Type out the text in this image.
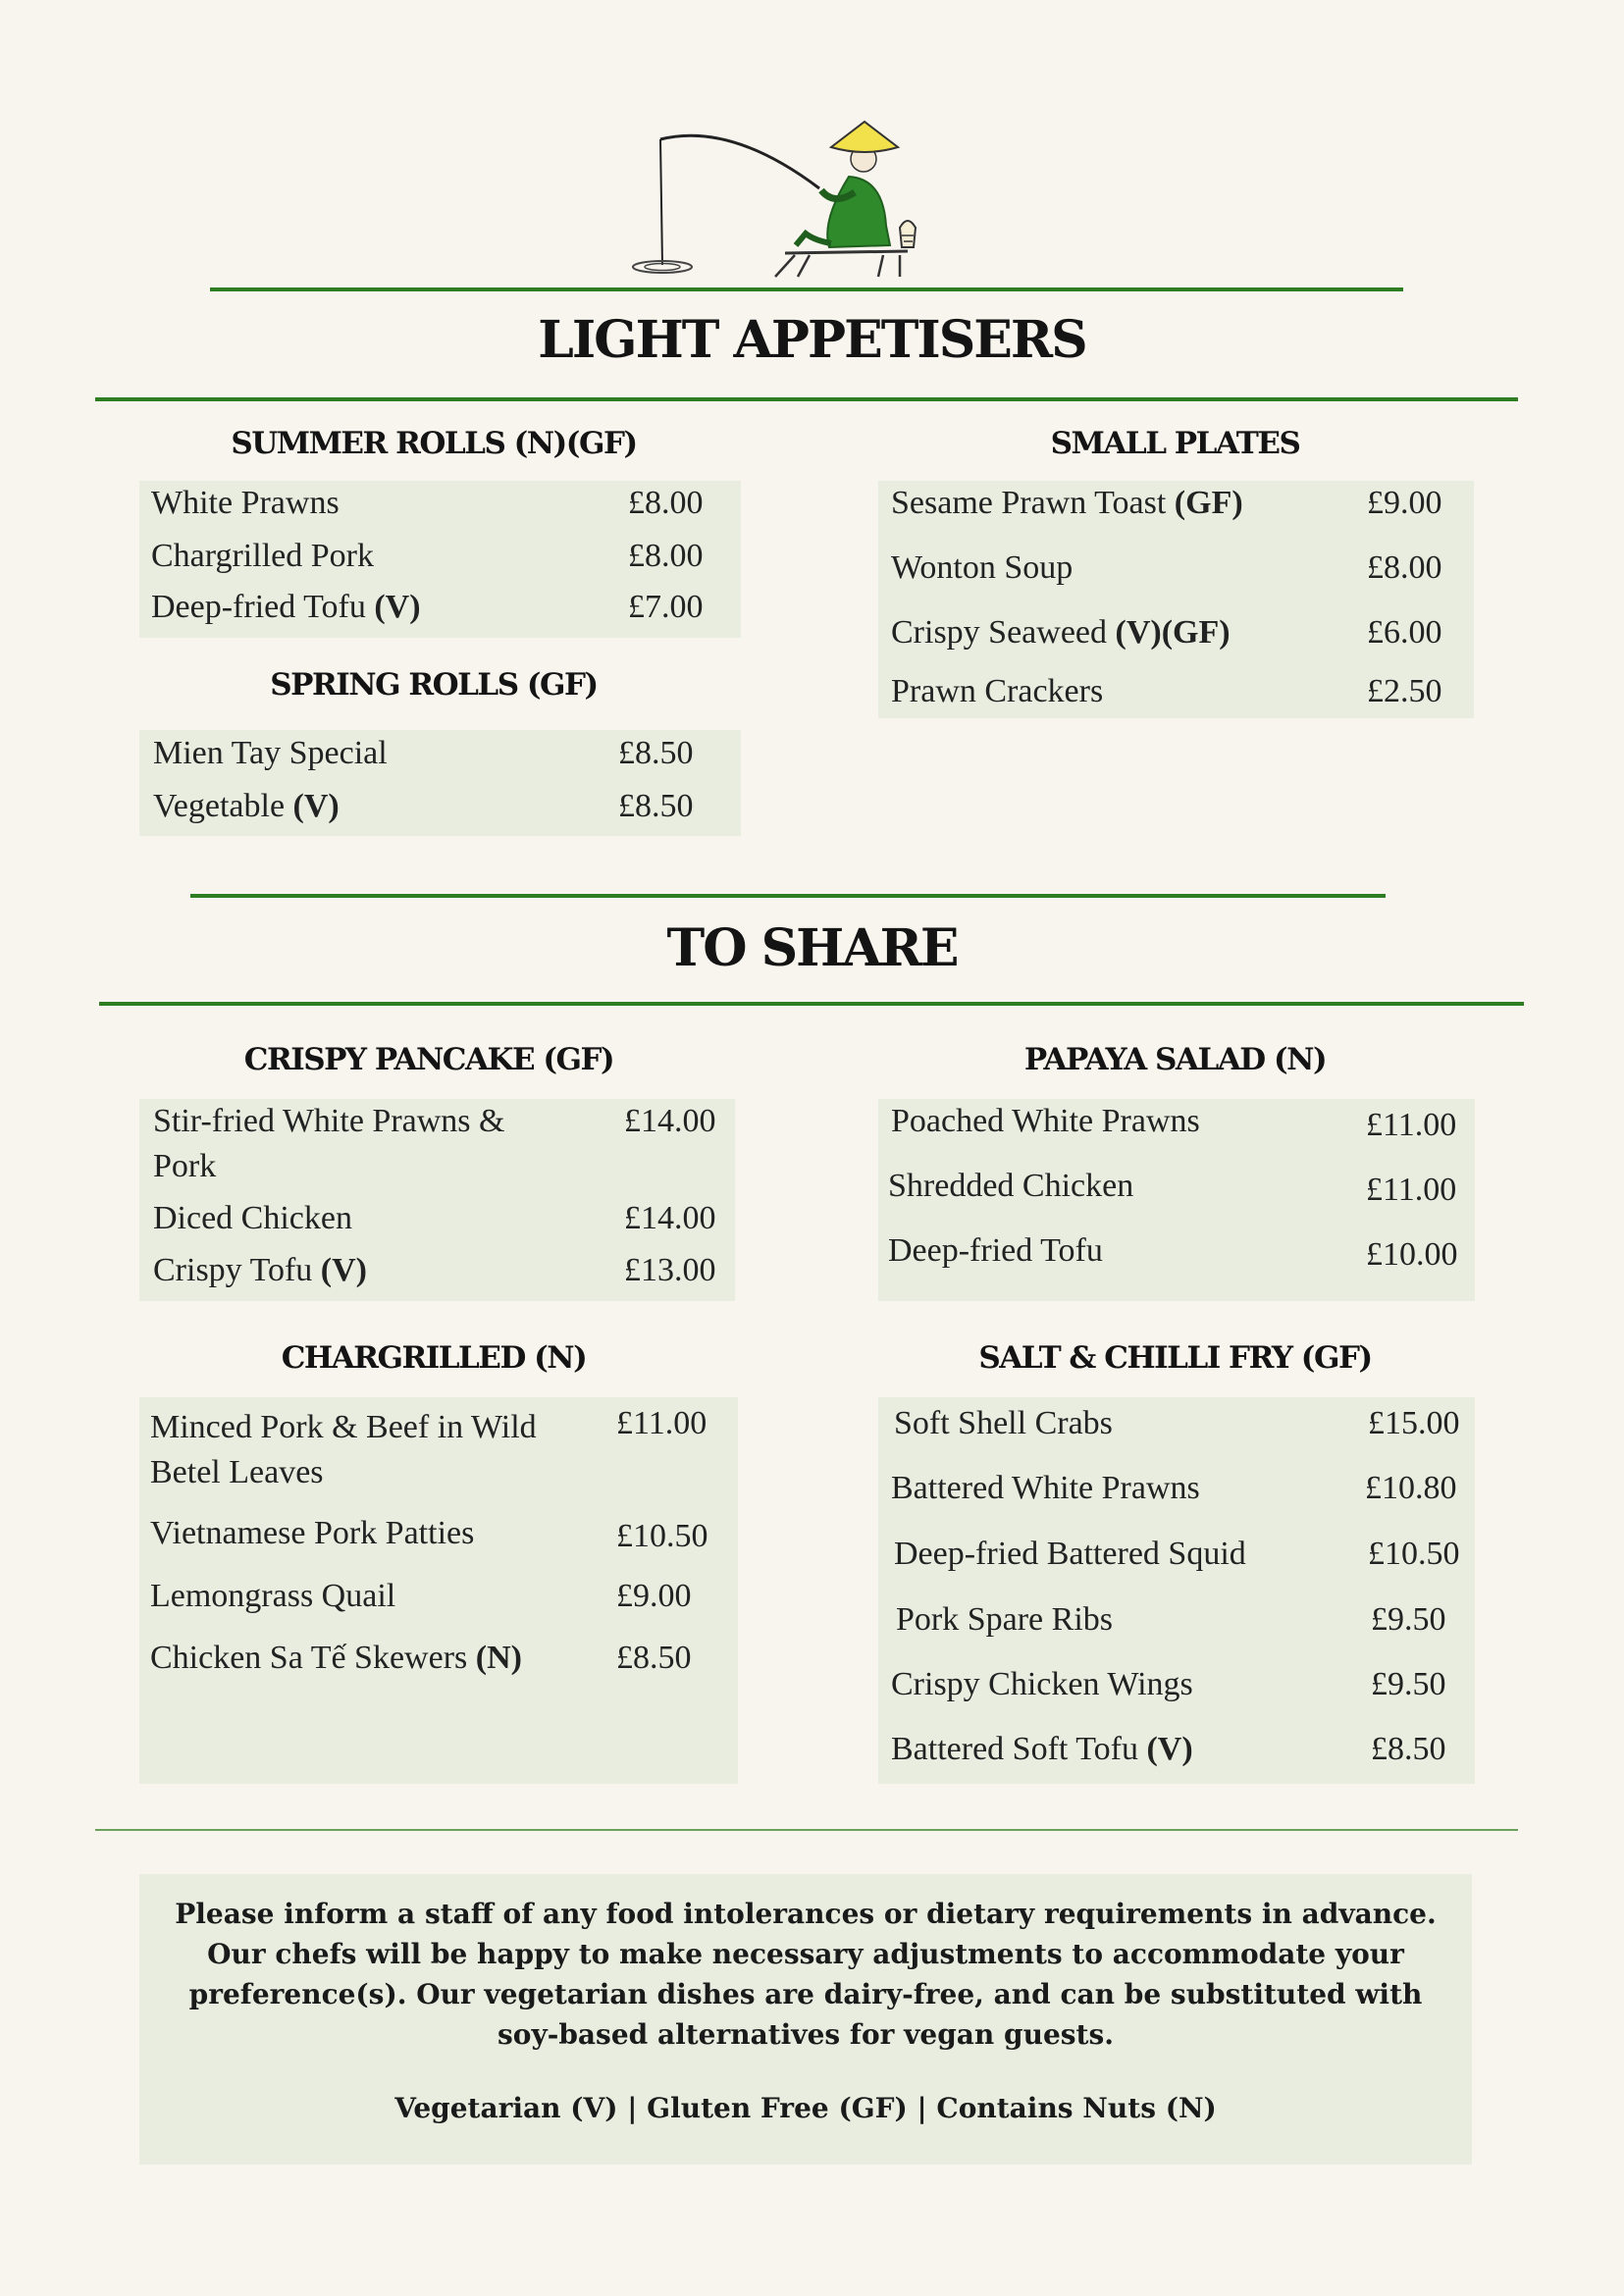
LIGHT APPETISERS
SUMMER ROLLS (N)(GF)
White Prawns	£8.00
Chargrilled Pork	£8.00
Deep-fried Tofu (V)	£7.00
SPRING ROLLS (GF)
Mien Tay Special	£8.50
Vegetable (V)	£8.50
SMALL PLATES
Sesame Prawn Toast (GF)	£9.00
Wonton Soup	£8.00
Crispy Seaweed (V)(GF)	£6.00
Prawn Crackers	£2.50
TO SHARE
CRISPY PANCAKE (GF)
Stir-fried White Prawns & Pork
£14.00
Diced Chicken	£14.00
Crispy Tofu (V)	£13.00
PAPAYA SALAD (N)
Poached White Prawns	£11.00
Shredded Chicken	£11.00
Deep-fried Tofu	£10.00
CHARGRILLED (N)
Minced Pork & Beef in Wild Betel Leaves
£11.00
Vietnamese Pork Patties	£10.50
Lemongrass Quail	£9.00
Chicken Sa Tế Skewers (N)	£8.50
SALT & CHILLI FRY (GF)
Soft Shell Crabs	£15.00
Battered White Prawns	£10.80
Deep-fried Battered Squid	£10.50
Pork Spare Ribs	£9.50
Crispy Chicken Wings	£9.50
Battered Soft Tofu (V)	£8.50
Please inform a staff of any food intolerances or dietary requirements in advance. Our chefs will be happy to make necessary adjustments to accommodate your preference(s). Our vegetarian dishes are dairy-free, and can be substituted with soy-based alternatives for vegan guests.
Vegetarian (V) | Gluten Free (GF) | Contains Nuts (N)
